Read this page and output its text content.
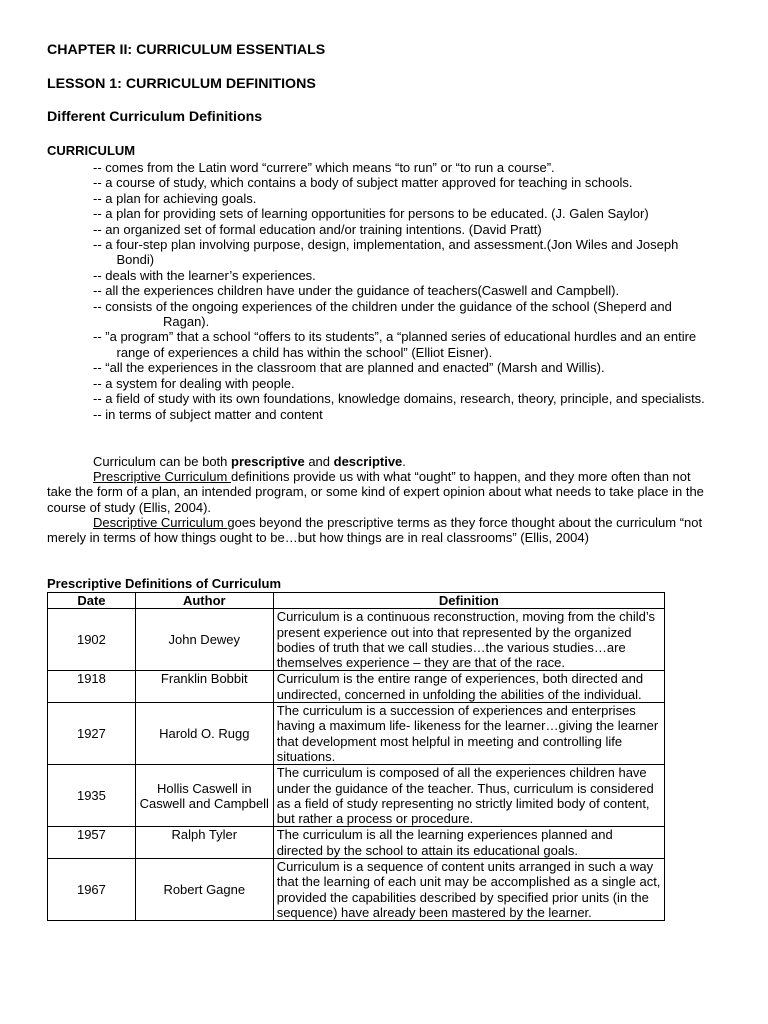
CHAPTER II: CURRICULUM ESSENTIALS
LESSON 1: CURRICULUM DEFINITIONS
Different Curriculum Definitions
CURRICULUM
-- comes from the Latin word “currere” which means “to run” or “to run a course”.
-- a course of study, which contains a body of subject matter approved for teaching in schools.
-- a plan for achieving goals.
-- a plan for providing sets of learning opportunities for persons to be educated. (J. Galen Saylor)
-- an organized set of formal education and/or training intentions. (David Pratt)
-- a four-step plan involving purpose, design, implementation, and assessment.(Jon Wiles and Joseph Bondi)
-- deals with the learner’s experiences.
-- all the experiences children have under the guidance of teachers(Caswell and Campbell).
-- consists of the ongoing experiences of the children under the guidance of the school (Sheperd and Ragan).
-- ”a program” that a school “offers to its students”, a “planned series of educational hurdles and an entire range of experiences a child has within the school” (Elliot Eisner).
-- “all the experiences in the classroom that are planned and enacted” (Marsh and Willis).
-- a system for dealing with people.
-- a field of study with its own foundations, knowledge domains, research, theory, principle, and specialists.
-- in terms of subject matter and content
Curriculum can be both prescriptive and descriptive.
Prescriptive Curriculum definitions provide us with what “ought” to happen, and they more often than not take the form of a plan, an intended program, or some kind of expert opinion about what needs to take place in the course of study (Ellis, 2004).
Descriptive Curriculum goes beyond the prescriptive terms as they force thought about the curriculum “not merely in terms of how things ought to be…but how things are in real classrooms” (Ellis, 2004)
Prescriptive Definitions of Curriculum
Date	Author	Definition
1902	John Dewey	Curriculum is a continuous reconstruction, moving from the child’s present experience out into that represented by the organized bodies of truth that we call studies…the various studies…are themselves experience – they are that of the race.
1918	Franklin Bobbit	Curriculum is the entire range of experiences, both directed and undirected, concerned in unfolding the abilities of the individual.
1927	Harold O. Rugg	The curriculum is a succession of experiences and enterprises having a maximum life- likeness for the learner…giving the learner that development most helpful in meeting and controlling life situations.
1935	Hollis Caswell in Caswell and Campbell	The curriculum is composed of all the experiences children have under the guidance of the teacher. Thus, curriculum is considered as a field of study representing no strictly limited body of content, but rather a process or procedure.
1957	Ralph Tyler	The curriculum is all the learning experiences planned and directed by the school to attain its educational goals.
1967	Robert Gagne	Curriculum is a sequence of content units arranged in such a way that the learning of each unit may be accomplished as a single act, provided the capabilities described by specified prior units (in the sequence) have already been mastered by the learner.
